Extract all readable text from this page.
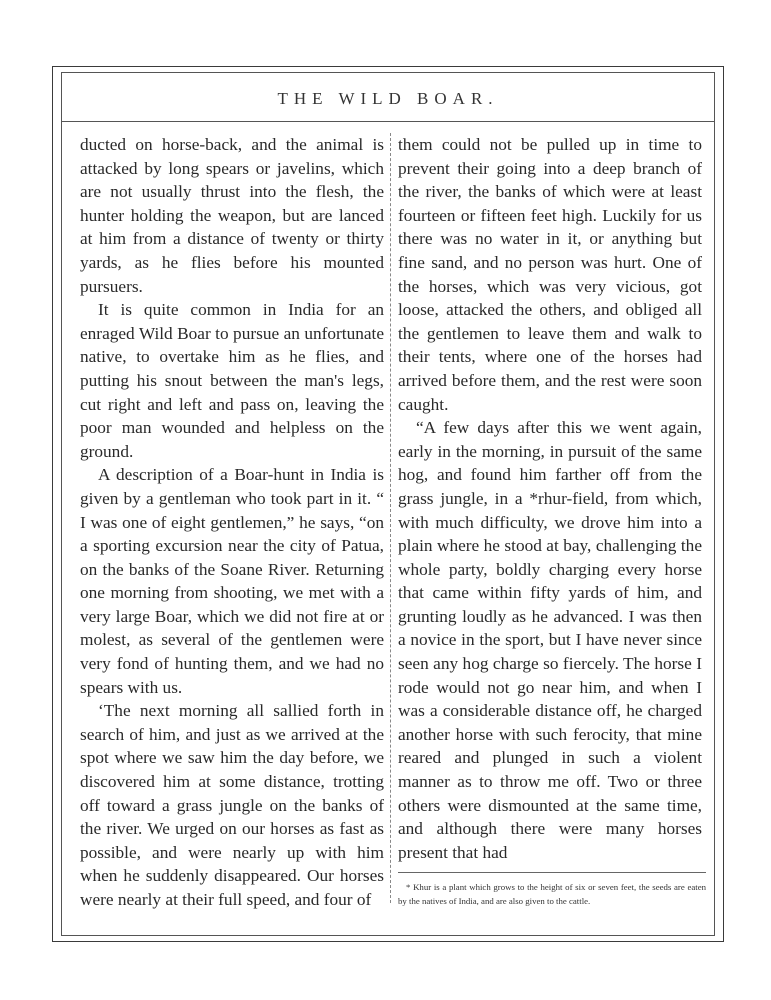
THE WILD BOAR.

ducted on horse-back, and the animal is attacked by long spears or javelins, which are not usually thrust into the flesh, the hunter holding the weapon, but are lanced at him from a distance of twenty or thirty yards, as he flies before his mounted pursuers.

It is quite common in India for an enraged Wild Boar to pursue an unfortunate native, to overtake him as he flies, and putting his snout between the man's legs, cut right and left and pass on, leaving the poor man wounded and helpless on the ground.

A description of a Boar-hunt in India is given by a gentleman who took part in it. “ I was one of eight gentlemen,” he says, “on a sporting excursion near the city of Patua, on the banks of the Soane River. Returning one morning from shooting, we met with a very large Boar, which we did not fire at or molest, as several of the gentlemen were very fond of hunting them, and we had no spears with us.

‘The next morning all sallied forth in search of him, and just as we arrived at the spot where we saw him the day before, we discovered him at some distance, trotting off toward a grass jungle on the banks of the river. We urged on our horses as fast as possible, and were nearly up with him when he suddenly disappeared. Our horses were nearly at their full speed, and four of

them could not be pulled up in time to prevent their going into a deep branch of the river, the banks of which were at least fourteen or fifteen feet high. Luckily for us there was no water in it, or anything but fine sand, and no person was hurt. One of the horses, which was very vicious, got loose, attacked the others, and obliged all the gentlemen to leave them and walk to their tents, where one of the horses had arrived before them, and the rest were soon caught.

“A few days after this we went again, early in the morning, in pursuit of the same hog, and found him farther off from the grass jungle, in a *rhur-field, from which, with much difficulty, we drove him into a plain where he stood at bay, challenging the whole party, boldly charging every horse that came within fifty yards of him, and grunting loudly as he advanced. I was then a novice in the sport, but I have never since seen any hog charge so fiercely. The horse I rode would not go near him, and when I was a considerable distance off, he charged another horse with such ferocity, that mine reared and plunged in such a violent manner as to throw me off. Two or three others were dismounted at the same time, and although there were many horses present that had

* Khur is a plant which grows to the height of six or seven feet, the seeds are eaten by the natives of India, and are also given to the cattle.
